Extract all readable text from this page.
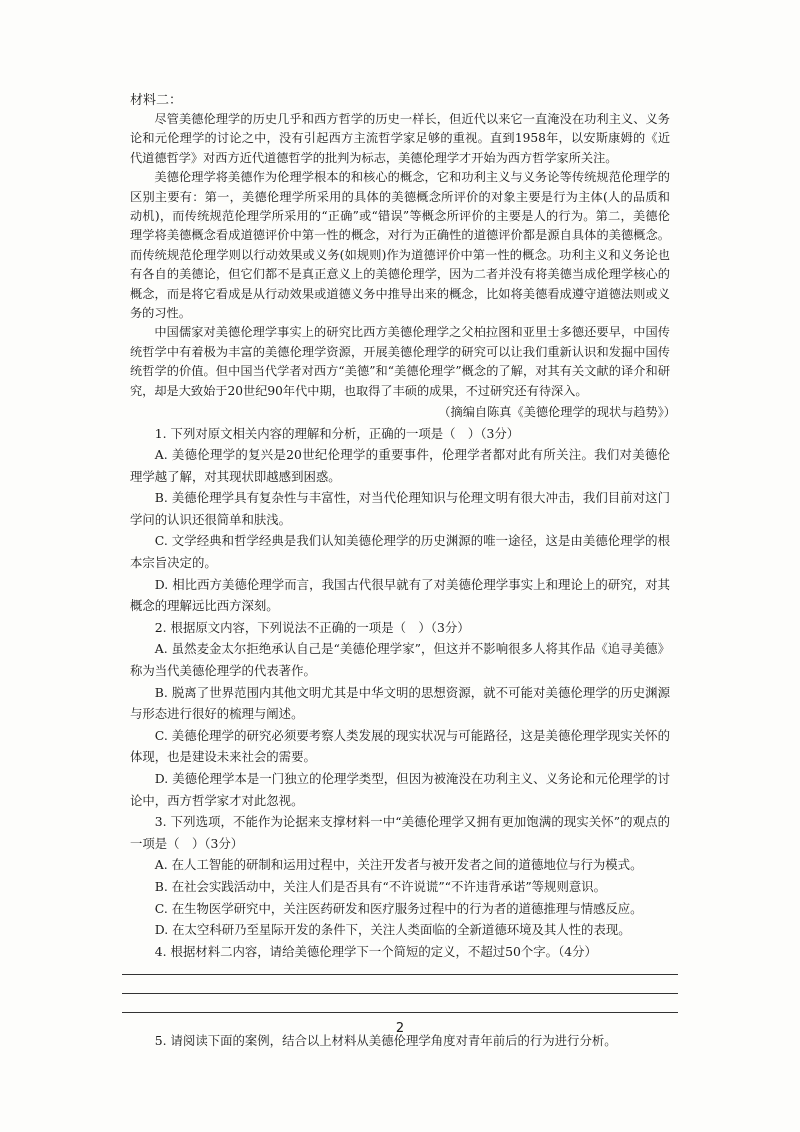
材料二：

尽管美德伦理学的历史几乎和西方哲学的历史一样长，但近代以来它一直淹没在功利主义、义务论和元伦理学的讨论之中，没有引起西方主流哲学家足够的重视。直到1958年，以安斯康姆的《近代道德哲学》对西方近代道德哲学的批判为标志，美德伦理学才开始为西方哲学家所关注。

美德伦理学将美德作为伦理学根本的和核心的概念，它和功利主义与义务论等传统规范伦理学的区别主要有：第一，美德伦理学所采用的具体的美德概念所评价的对象主要是行为主体(人的品质和动机)，而传统规范伦理学所采用的“正确”或“错误”等概念所评价的主要是人的行为。第二，美德伦理学将美德概念看成道德评价中第一性的概念，对行为正确性的道德评价都是源自具体的美德概念。而传统规范伦理学则以行动效果或义务(如规则)作为道德评价中第一性的概念。功利主义和义务论也有各自的美德论，但它们都不是真正意义上的美德伦理学，因为二者并没有将美德当成伦理学核心的概念，而是将它看成是从行动效果或道德义务中推导出来的概念，比如将美德看成遵守道德法则或义务的习性。

中国儒家对美德伦理学事实上的研究比西方美德伦理学之父柏拉图和亚里士多德还要早，中国传统哲学中有着极为丰富的美德伦理学资源，开展美德伦理学的研究可以让我们重新认识和发掘中国传统哲学的价值。但中国当代学者对西方“美德”和“美德伦理学”概念的了解，对其有关文献的译介和研究，却是大致始于20世纪90年代中期，也取得了丰硕的成果，不过研究还有待深入。

（摘编自陈真《美德伦理学的现状与趋势》）

1. 下列对原文相关内容的理解和分析，正确的一项是（　）（3分）

A. 美德伦理学的复兴是20世纪伦理学的重要事件，伦理学者都对此有所关注。我们对美德伦理学越了解，对其现状即越感到困惑。

B. 美德伦理学具有复杂性与丰富性，对当代伦理知识与伦理文明有很大冲击，我们目前对这门学问的认识还很简单和肤浅。

C. 文学经典和哲学经典是我们认知美德伦理学的历史渊源的唯一途径，这是由美德伦理学的根本宗旨决定的。

D. 相比西方美德伦理学而言，我国古代很早就有了对美德伦理学事实上和理论上的研究，对其概念的理解远比西方深刻。

2. 根据原文内容，下列说法不正确的一项是（　）（3分）

A. 虽然麦金太尔拒绝承认自己是“美德伦理学家”，但这并不影响很多人将其作品《追寻美德》称为当代美德伦理学的代表著作。

B. 脱离了世界范围内其他文明尤其是中华文明的思想资源，就不可能对美德伦理学的历史渊源与形态进行很好的梳理与阐述。

C. 美德伦理学的研究必须要考察人类发展的现实状况与可能路径，这是美德伦理学现实关怀的体现，也是建设未来社会的需要。

D. 美德伦理学本是一门独立的伦理学类型，但因为被淹没在功利主义、义务论和元伦理学的讨论中，西方哲学家才对此忽视。

3. 下列选项，不能作为论据来支撑材料一中“美德伦理学又拥有更加饱满的现实关怀”的观点的一项是（　）（3分）

A. 在人工智能的研制和运用过程中，关注开发者与被开发者之间的道德地位与行为模式。

B. 在社会实践活动中，关注人们是否具有“不许说谎”“不许违背承诺”等规则意识。

C. 在生物医学研究中，关注医药研发和医疗服务过程中的行为者的道德推理与情感反应。

D. 在太空科研乃至星际开发的条件下，关注人类面临的全新道德环境及其人性的表现。

4. 根据材料二内容，请给美德伦理学下一个简短的定义，不超过50个字。（4分）

5. 请阅读下面的案例，结合以上材料从美德伦理学角度对青年前后的行为进行分析。

2
